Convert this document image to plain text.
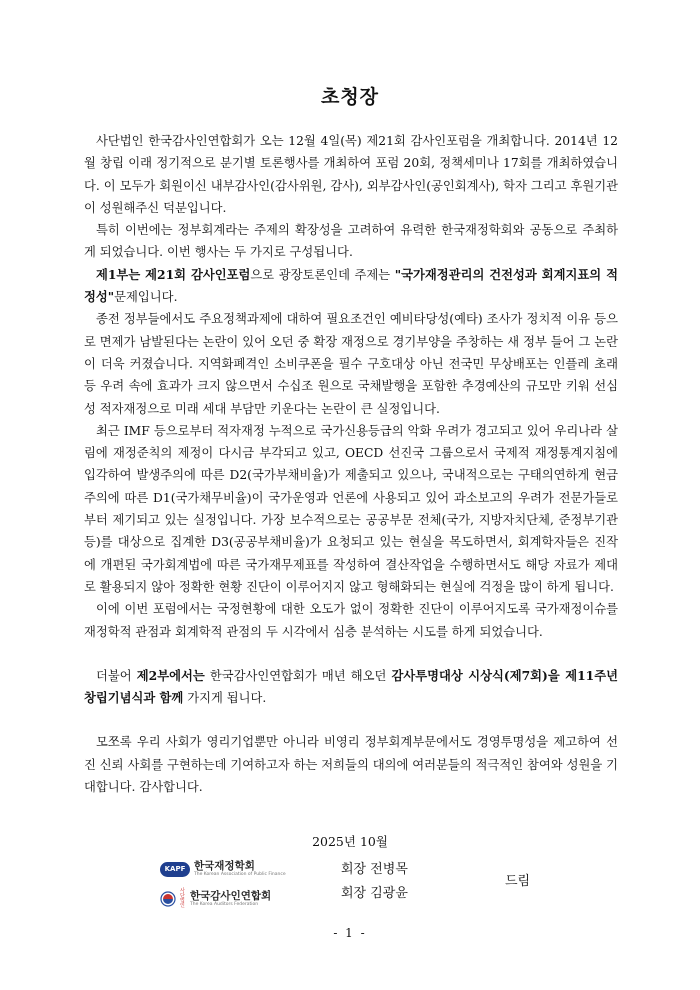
초청장

사단법인 한국감사인연합회가 오는 12월 4일(목) 제21회 감사인포럼을 개최합니다. 2014년 12월 창립 이래 정기적으로 분기별 토론행사를 개최하여 포럼 20회, 정책세미나 17회를 개최하였습니다. 이 모두가 회원이신 내부감사인(감사위원, 감사), 외부감사인(공인회계사), 학자 그리고 후원기관이 성원해주신 덕분입니다.

특히 이번에는 정부회계라는 주제의 확장성을 고려하여 유력한 한국재정학회와 공동으로 주최하게 되었습니다. 이번 행사는 두 가지로 구성됩니다.

제1부는 제21회 감사인포럼으로 광장토론인데 주제는 "국가재정관리의 건전성과 회계지표의 적정성"문제입니다.

종전 정부들에서도 주요정책과제에 대하여 필요조건인 예비타당성(예타) 조사가 정치적 이유 등으로 면제가 남발된다는 논란이 있어 오던 중 확장 재정으로 경기부양을 주창하는 새 정부 들어 그 논란이 더욱 커졌습니다. 지역화폐격인 소비쿠폰을 필수 구호대상 아닌 전국민 무상배포는 인플레 초래 등 우려 속에 효과가 크지 않으면서 수십조 원으로 국채발행을 포함한 추경예산의 규모만 키워 선심성 적자재정으로 미래 세대 부담만 키운다는 논란이 큰 실정입니다.

최근 IMF 등으로부터 적자재정 누적으로 국가신용등급의 악화 우려가 경고되고 있어 우리나라 살림에 재정준칙의 제정이 다시금 부각되고 있고, OECD 선진국 그룹으로서 국제적 재정통계지침에 입각하여 발생주의에 따른 D2(국가부채비율)가 제출되고 있으나, 국내적으로는 구태의연하게 현금주의에 따른 D1(국가채무비율)이 국가운영과 언론에 사용되고 있어 과소보고의 우려가 전문가들로부터 제기되고 있는 실정입니다. 가장 보수적으로는 공공부문 전체(국가, 지방자치단체, 준정부기관 등)를 대상으로 집계한 D3(공공부채비율)가 요청되고 있는 현실을 목도하면서, 회계학자들은 진작에 개편된 국가회계법에 따른 국가재무제표를 작성하여 결산작업을 수행하면서도 해당 자료가 제대로 활용되지 않아 정확한 현황 진단이 이루어지지 않고 형해화되는 현실에 걱정을 많이 하게 됩니다.

이에 이번 포럼에서는 국정현황에 대한 오도가 없이 정확한 진단이 이루어지도록 국가재정이슈를 재정학적 관점과 회계학적 관점의 두 시각에서 심층 분석하는 시도를 하게 되었습니다.

더불어 제2부에서는 한국감사인연합회가 매년 해오던 감사투명대상 시상식(제7회)을 제11주년 창립기념식과 함께 가지게 됩니다.

모쪼록 우리 사회가 영리기업뿐만 아니라 비영리 정부회계부문에서도 경영투명성을 제고하여 선진 신뢰 사회를 구현하는데 기여하고자 하는 저희들의 대의에 여러분들의 적극적인 참여와 성원을 기대합니다. 감사합니다.

2025년 10월
KAPF 한국재정학회
The Korean Association of Public Finance
사단법인
한국감사인연합회
The Korea Auditors Federation
회장 전병목
회장 김광윤
드림
- 1 -
